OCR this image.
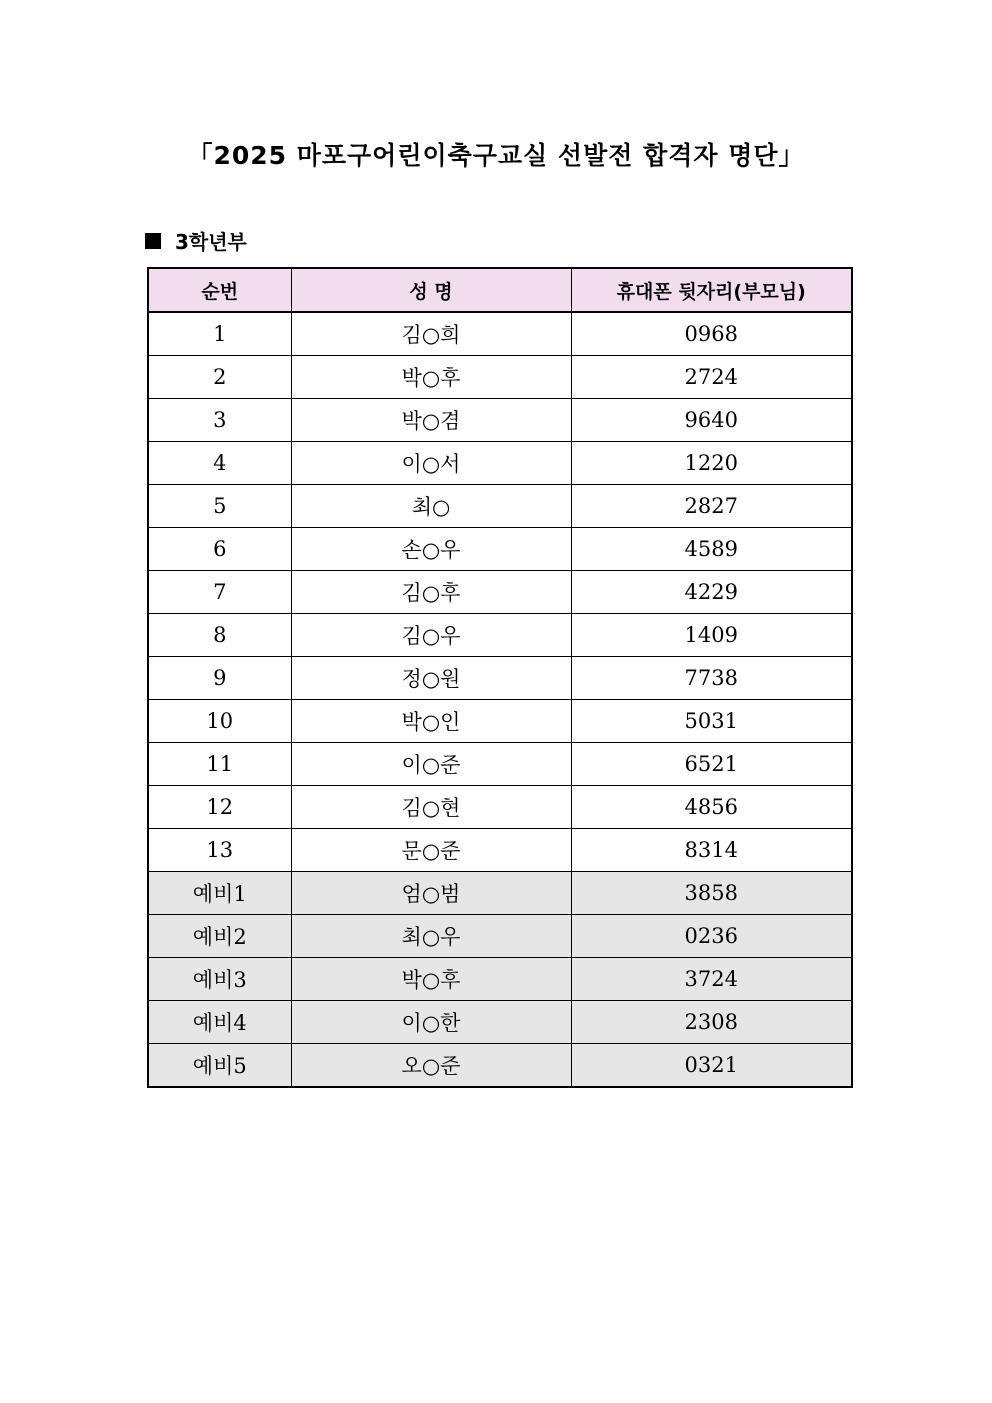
「2025 마포구어린이축구교실 선발전 합격자 명단」
3학년부
순번	성 명	휴대폰 뒷자리(부모님)
1	김○희	0968
2	박○후	2724
3	박○겸	9640
4	이○서	1220
5	최○	2827
6	손○우	4589
7	김○후	4229
8	김○우	1409
9	정○원	7738
10	박○인	5031
11	이○준	6521
12	김○현	4856
13	문○준	8314
예비1	엄○범	3858
예비2	최○우	0236
예비3	박○후	3724
예비4	이○한	2308
예비5	오○준	0321
